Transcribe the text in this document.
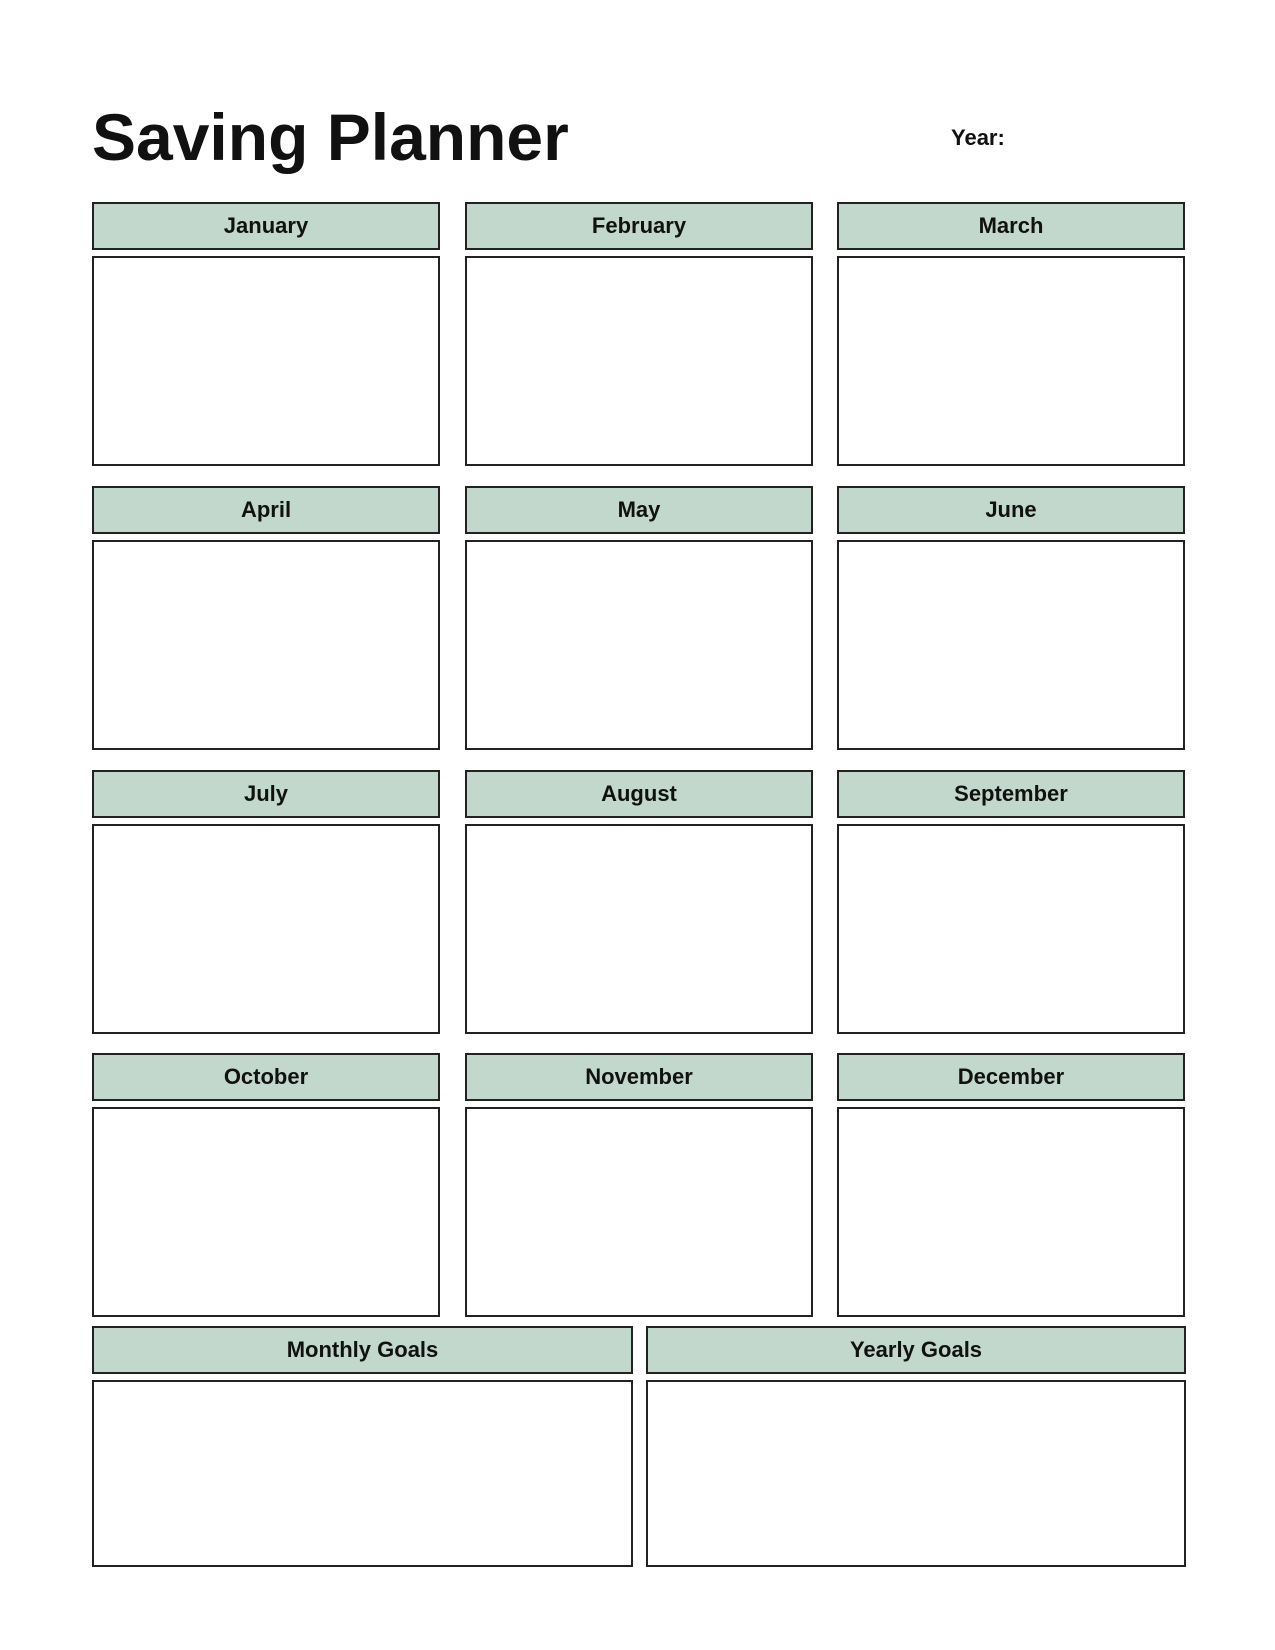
Saving Planner	Year:
January	February	March
April	May	June
July	August	September
October	November	December
Monthly Goals	Yearly Goals
